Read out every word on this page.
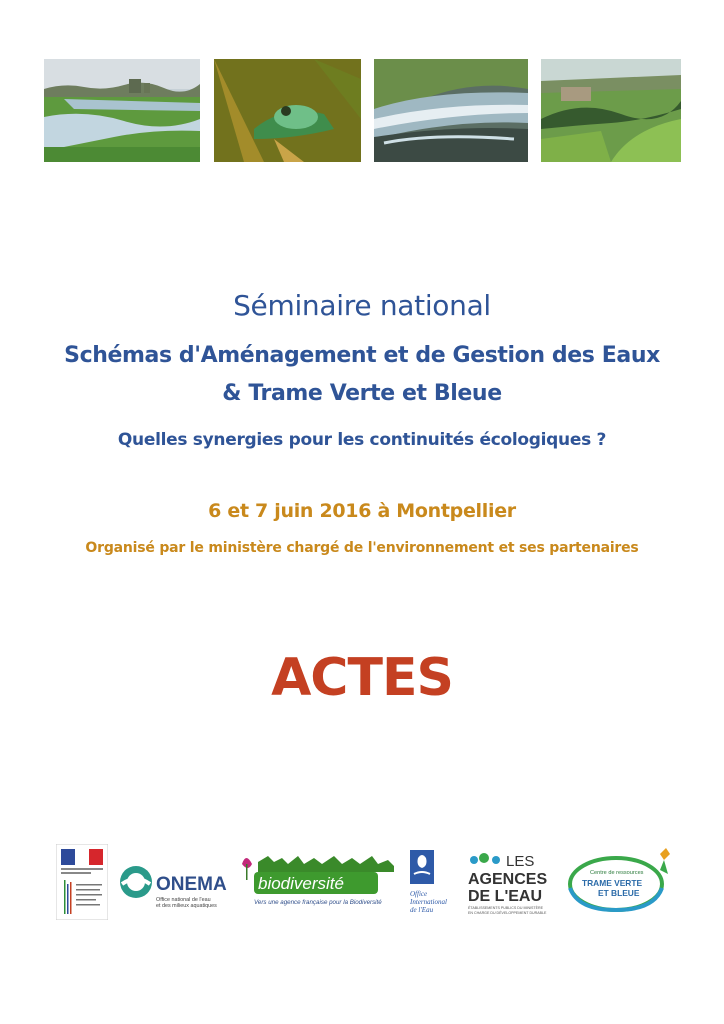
Séminaire national
Schémas d'Aménagement et de Gestion des Eaux
& Trame Verte et Bleue
Quelles synergies pour les continuités écologiques ?
6 et 7 juin 2016 à Montpellier
Organisé par le ministère chargé de l'environnement et ses partenaires
ACTES
ONEMA
Office national de l'eau
et des milieux aquatiques
biodiversité
Vers une agence française pour la Biodiversité
Office
International
de l'Eau
LES
AGENCES
DE L'EAU
ÉTABLISSEMENTS PUBLICS DU MINISTÈRE
EN CHARGE DU DÉVELOPPEMENT DURABLE
Centre de ressources
TRAME VERTE
ET BLEUE
